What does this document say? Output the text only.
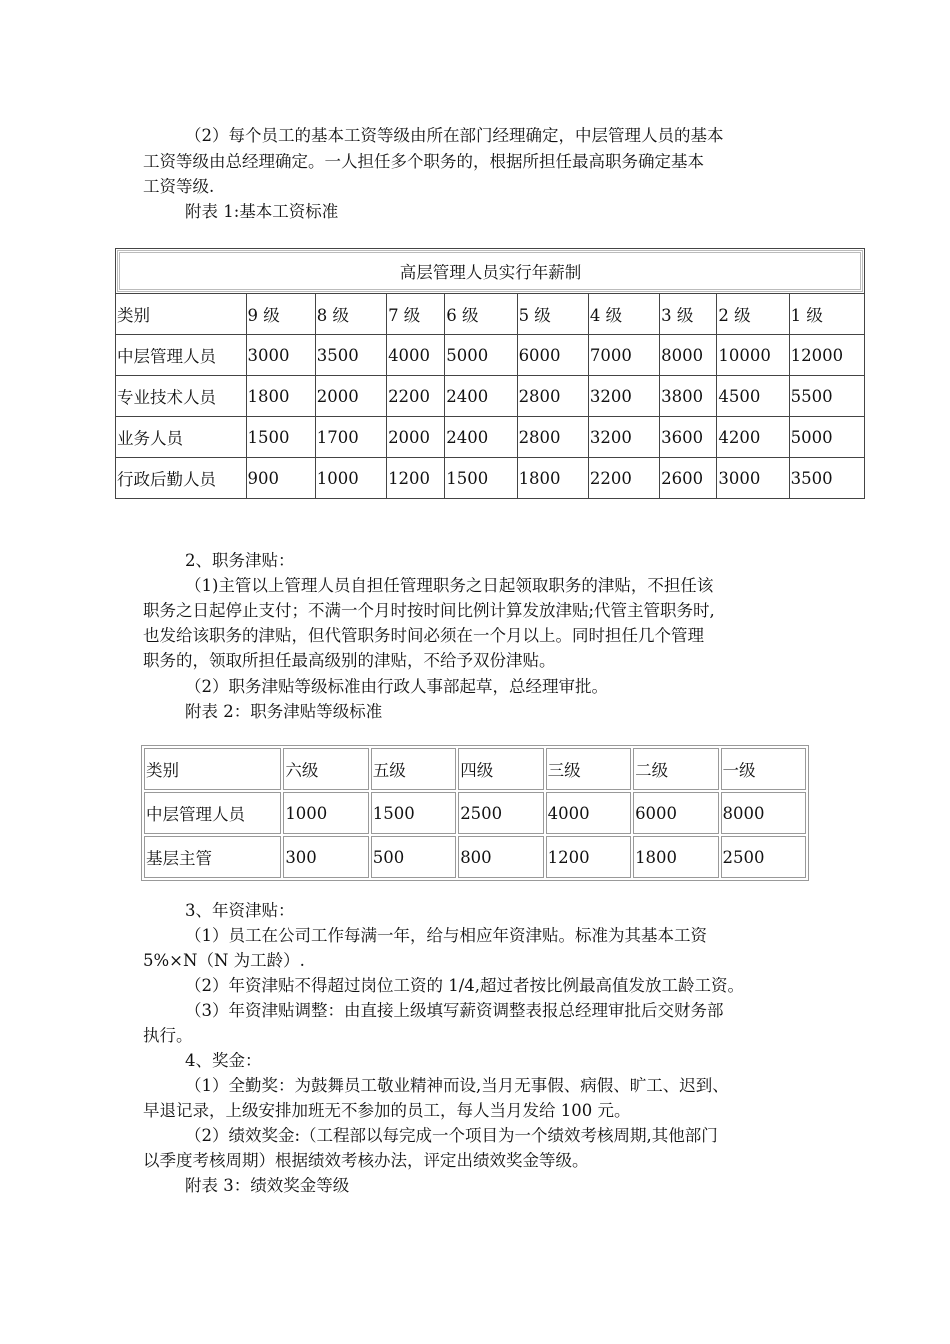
（2）每个员工的基本工资等级由所在部门经理确定，中层管理人员的基本
工资等级由总经理确定。一人担任多个职务的，根据所担任最高职务确定基本
工资等级.
附表 1:基本工资标准
高层管理人员实行年薪制									
类别	9 级	8 级	7 级	6 级	5 级	4 级	3 级	2 级	1 级
中层管理人员	3000	3500	4000	5000	6000	7000	8000	10000	12000
专业技术人员	1800	2000	2200	2400	2800	3200	3800	4500	5500
业务人员	1500	1700	2000	2400	2800	3200	3600	4200	5000
行政后勤人员	900	1000	1200	1500	1800	2200	2600	3000	3500
2、职务津贴：
（1)主管以上管理人员自担任管理职务之日起领取职务的津贴，不担任该
职务之日起停止支付；不满一个月时按时间比例计算发放津贴;代管主管职务时,
也发给该职务的津贴，但代管职务时间必须在一个月以上。同时担任几个管理
职务的，领取所担任最高级别的津贴，不给予双份津贴。
（2）职务津贴等级标准由行政人事部起草，总经理审批。
附表 2：职务津贴等级标准
类别	六级	五级	四级	三级	二级	一级
中层管理人员	1000	1500	2500	4000	6000	8000
基层主管	300	500	800	1200	1800	2500
3、年资津贴：
（1）员工在公司工作每满一年，给与相应年资津贴。标准为其基本工资
5%×N（N 为工龄）.
（2）年资津贴不得超过岗位工资的 1/4,超过者按比例最高值发放工龄工资。
（3）年资津贴调整：由直接上级填写薪资调整表报总经理审批后交财务部
执行。
4、奖金：
（1）全勤奖：为鼓舞员工敬业精神而设,当月无事假、病假、旷工、迟到、
早退记录，上级安排加班无不参加的员工，每人当月发给 100 元。
（2）绩效奖金:（工程部以每完成一个项目为一个绩效考核周期,其他部门
以季度考核周期）根据绩效考核办法，评定出绩效奖金等级。
附表 3：绩效奖金等级
